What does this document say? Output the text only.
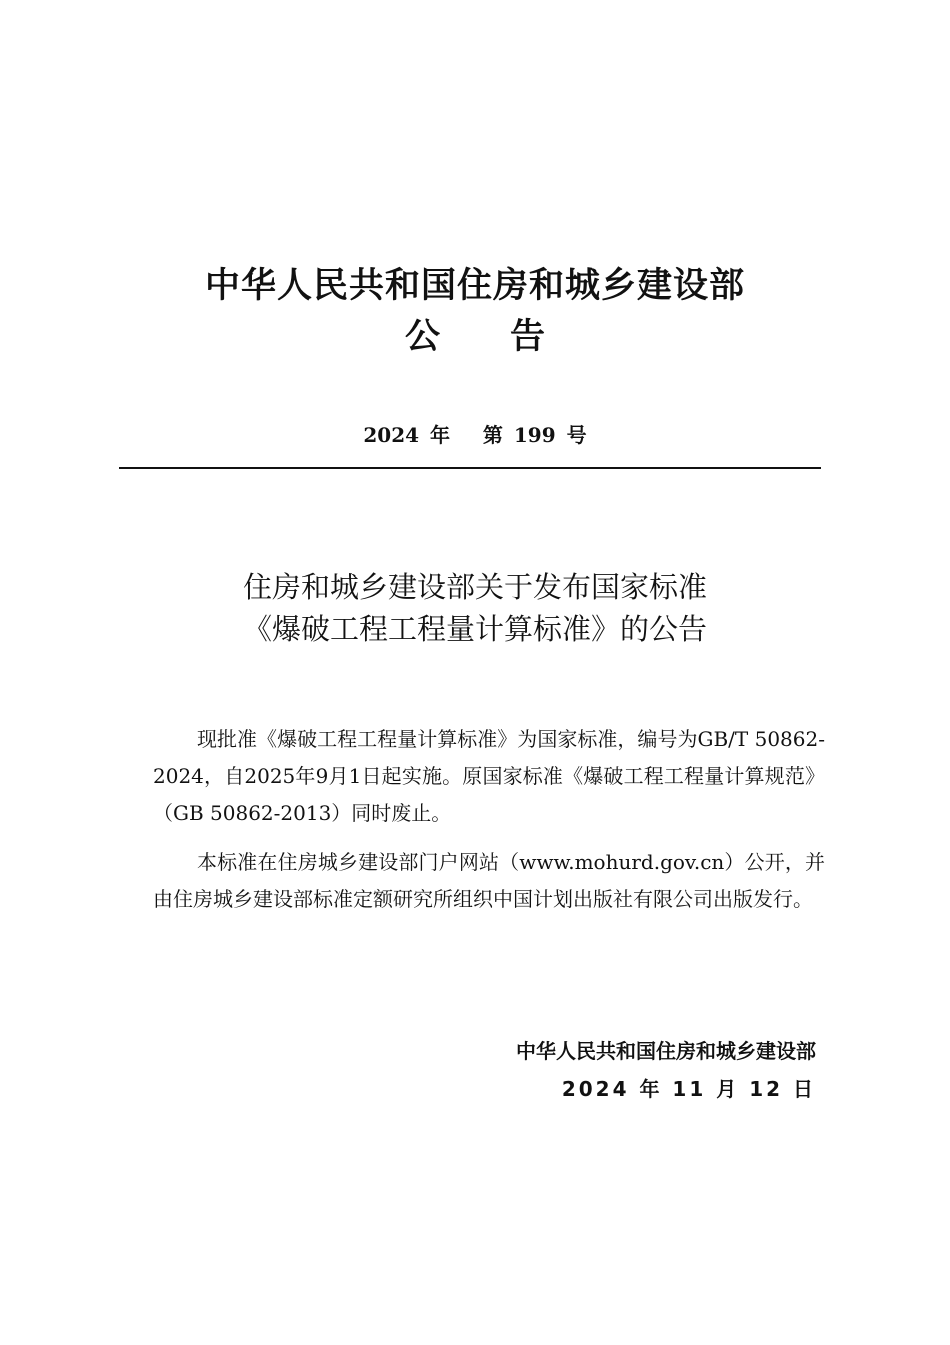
中华人民共和国住房和城乡建设部
公告
2024 年   第 199 号
住房和城乡建设部关于发布国家标准
《爆破工程工程量计算标准》的公告

现批准《爆破工程工程量计算标准》为国家标准，编号为GB/T 50862-2024，自2025年9月1日起实施。原国家标准《爆破工程工程量计算规范》（GB 50862-2013）同时废止。

本标准在住房城乡建设部门户网站（www.mohurd.gov.cn）公开，并由住房城乡建设部标准定额研究所组织中国计划出版社有限公司出版发行。

中华人民共和国住房和城乡建设部
2024 年 11 月 12 日
